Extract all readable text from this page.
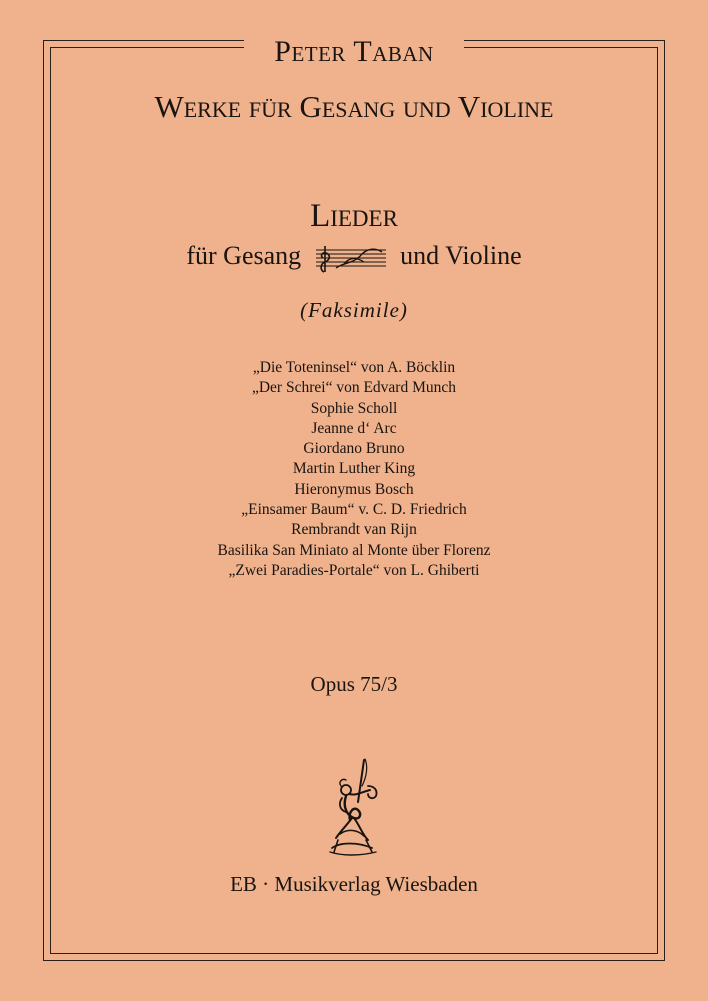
Peter Taban
Werke für Gesang und Violine
Lieder
für Gesang	und Violine
(Faksimile)
„Die Toteninsel“ von A. Böcklin
„Der Schrei“ von Edvard Munch
Sophie Scholl
Jeanne d‘ Arc
Giordano Bruno
Martin Luther King
Hieronymus Bosch
„Einsamer Baum“ v. C. D. Friedrich
Rembrandt van Rijn
Basilika San Miniato al Monte über Florenz
„Zwei Paradies-Portale“ von L. Ghiberti
Opus 75/3
EB · Musikverlag Wiesbaden
